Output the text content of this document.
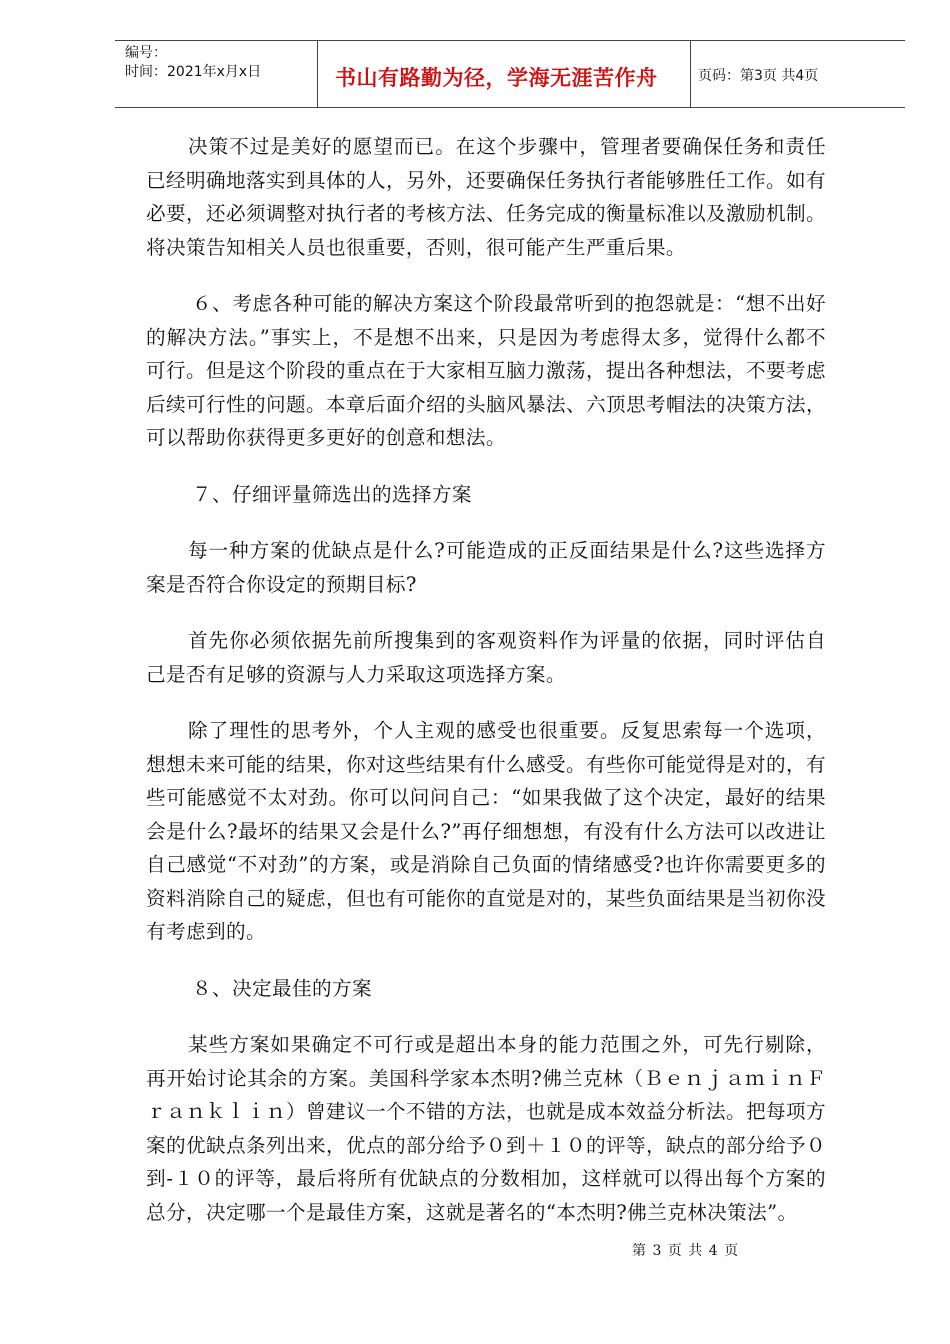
编号：
时间：2021年x月x日	书山有路勤为径，学海无涯苦作舟	页码：第3页 共4页

决策不过是美好的愿望而已。在这个步骤中，管理者要确保任务和责任已经明确地落实到具体的人，另外，还要确保任务执行者能够胜任工作。如有必要，还必须调整对执行者的考核方法、任务完成的衡量标准以及激励机制。将决策告知相关人员也很重要，否则，很可能产生严重后果。

６、考虑各种可能的解决方案这个阶段最常听到的抱怨就是：“想不出好的解决方法。”事实上，不是想不出来，只是因为考虑得太多，觉得什么都不可行。但是这个阶段的重点在于大家相互脑力激荡，提出各种想法，不要考虑后续可行性的问题。本章后面介绍的头脑风暴法、六顶思考帽法的决策方法，可以帮助你获得更多更好的创意和想法。

７、仔细评量筛选出的选择方案

每一种方案的优缺点是什么?可能造成的正反面结果是什么?这些选择方案是否符合你设定的预期目标?

首先你必须依据先前所搜集到的客观资料作为评量的依据，同时评估自己是否有足够的资源与人力采取这项选择方案。

除了理性的思考外，个人主观的感受也很重要。反复思索每一个选项，想想未来可能的结果，你对这些结果有什么感受。有些你可能觉得是对的，有些可能感觉不太对劲。你可以问问自己：“如果我做了这个决定，最好的结果会是什么?最坏的结果又会是什么?”再仔细想想，有没有什么方法可以改进让自己感觉“不对劲”的方案，或是消除自己负面的情绪感受?也许你需要更多的资料消除自己的疑虑，但也有可能你的直觉是对的，某些负面结果是当初你没有考虑到的。

８、决定最佳的方案

某些方案如果确定不可行或是超出本身的能力范围之外，可先行剔除，再开始讨论其余的方案。美国科学家本杰明?佛兰克林（ＢｅｎｊａｍｉｎＦｒａｎｋｌｉｎ）曾建议一个不错的方法，也就是成本效益分析法。把每项方案的优缺点条列出来，优点的部分给予０到＋１０的评等，缺点的部分给予０到-１０的评等，最后将所有优缺点的分数相加，这样就可以得出每个方案的总分，决定哪一个是最佳方案，这就是著名的“本杰明?佛兰克林决策法”。

第 3 页 共 4 页
